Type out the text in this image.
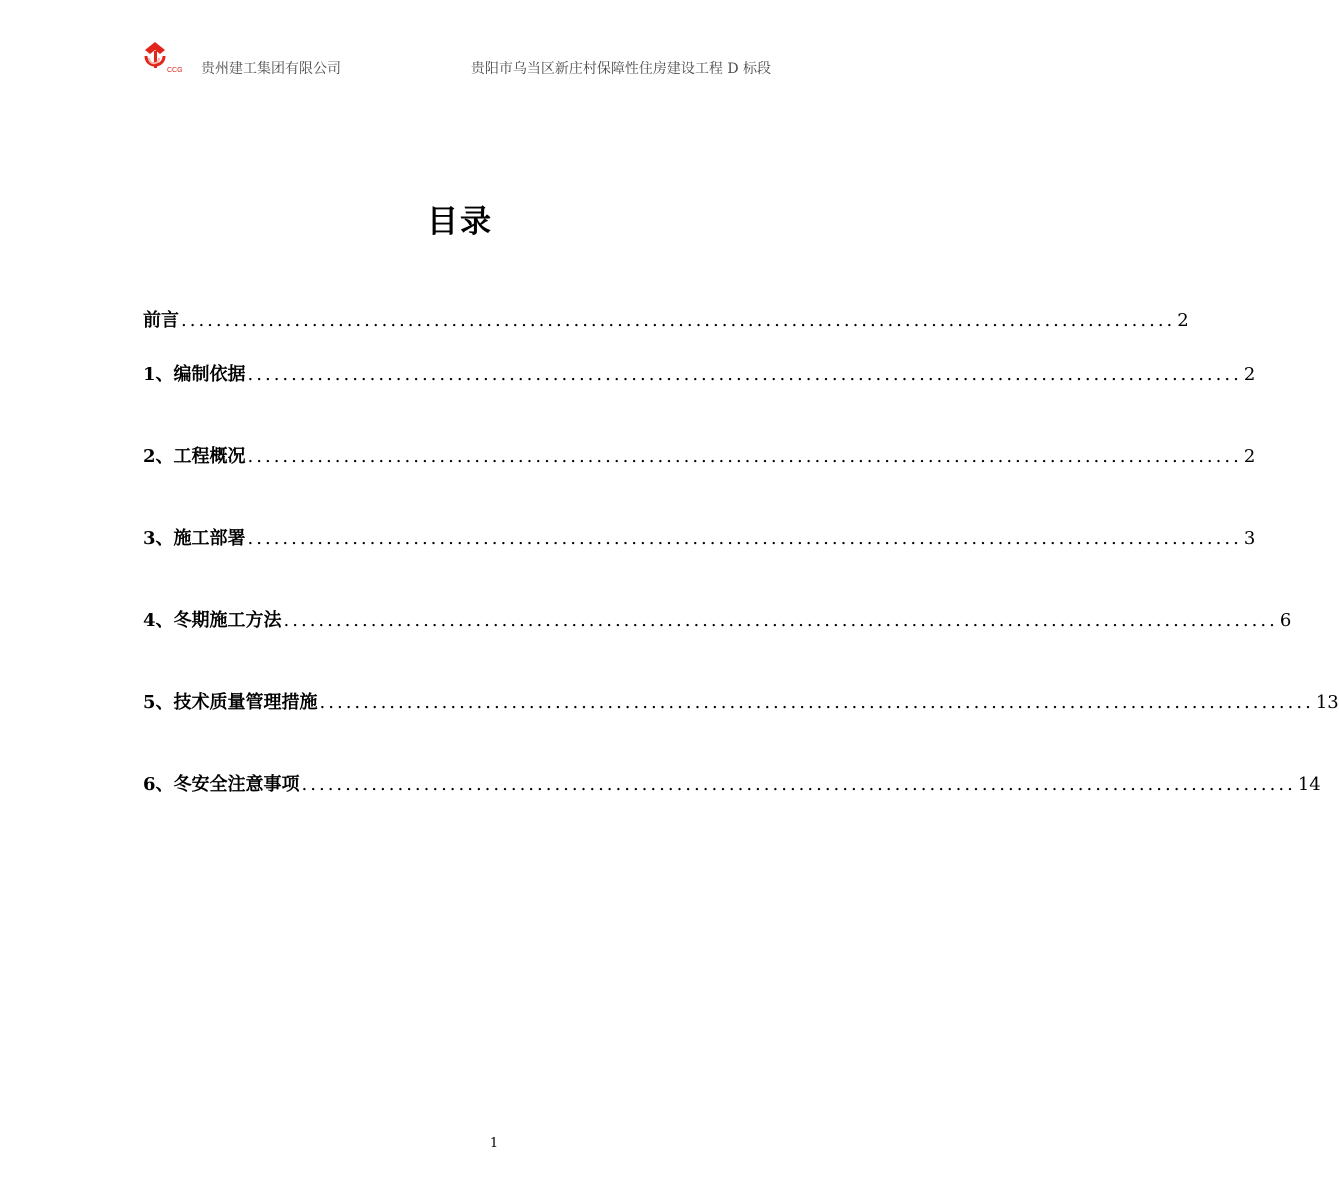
CCG 贵州建工集团有限公司	贵阳市乌当区新庄村保障性住房建设工程 D 标段
目录
前言 .................................................................................................................. 2
1、编制依据 .................................................................................................................. 2
2、工程概况 .................................................................................................................. 2
3、施工部署 .................................................................................................................. 3
4、冬期施工方法 .................................................................................................................. 6
5、技术质量管理措施 .................................................................................................................. 13
6、冬安全注意事项 .................................................................................................................. 14
1
